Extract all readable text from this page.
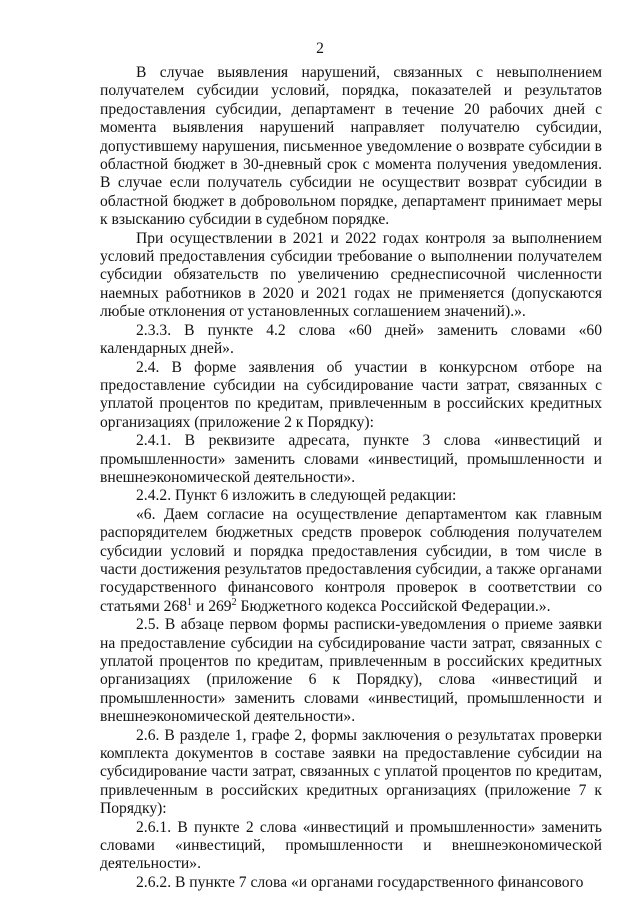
2

В случае выявления нарушений, связанных с невыполнением получателем субсидии условий, порядка, показателей и результатов предоставления субсидии, департамент в течение 20 рабочих дней с момента выявления нарушений направляет получателю субсидии, допустившему нарушения, письменное уведомление о возврате субсидии в областной бюджет в 30-дневный срок с момента получения уведомления. В случае если получатель субсидии не осуществит возврат субсидии в областной бюджет в добровольном порядке, департамент принимает меры к взысканию субсидии в судебном порядке.

При осуществлении в 2021 и 2022 годах контроля за выполнением условий предоставления субсидии требование о выполнении получателем субсидии обязательств по увеличению среднесписочной численности наемных работников в 2020 и 2021 годах не применяется (допускаются любые отклонения от установленных соглашением значений).».

2.3.3. В пункте 4.2 слова «60 дней» заменить словами «60 календарных дней».

2.4. В форме заявления об участии в конкурсном отборе на предоставление субсидии на субсидирование части затрат, связанных с уплатой процентов по кредитам, привлеченным в российских кредитных организациях (приложение 2 к Порядку):

2.4.1. В реквизите адресата, пункте 3 слова «инвестиций и промышленности» заменить словами «инвестиций, промышленности и внешнеэкономической деятельности».

2.4.2. Пункт 6 изложить в следующей редакции:

«6. Даем согласие на осуществление департаментом как главным распорядителем бюджетных средств проверок соблюдения получателем субсидии условий и порядка предоставления субсидии, в том числе в части достижения результатов предоставления субсидии, а также органами государственного финансового контроля проверок в соответствии со статьями $268^1$ и $269^2$ Бюджетного кодекса Российской Федерации.».

2.5. В абзаце первом формы расписки-уведомления о приеме заявки на предоставление субсидии на субсидирование части затрат, связанных с уплатой процентов по кредитам, привлеченным в российских кредитных организациях (приложение 6 к Порядку), слова «инвестиций и промышленности» заменить словами «инвестиций, промышленности и внешнеэкономической деятельности».

2.6. В разделе 1, графе 2, формы заключения о результатах проверки комплекта документов в составе заявки на предоставление субсидии на субсидирование части затрат, связанных с уплатой процентов по кредитам, привлеченным в российских кредитных организациях (приложение 7 к Порядку):

2.6.1. В пункте 2 слова «инвестиций и промышленности» заменить словами «инвестиций, промышленности и внешнеэкономической деятельности».

2.6.2. В пункте 7 слова «и органами государственного финансового
